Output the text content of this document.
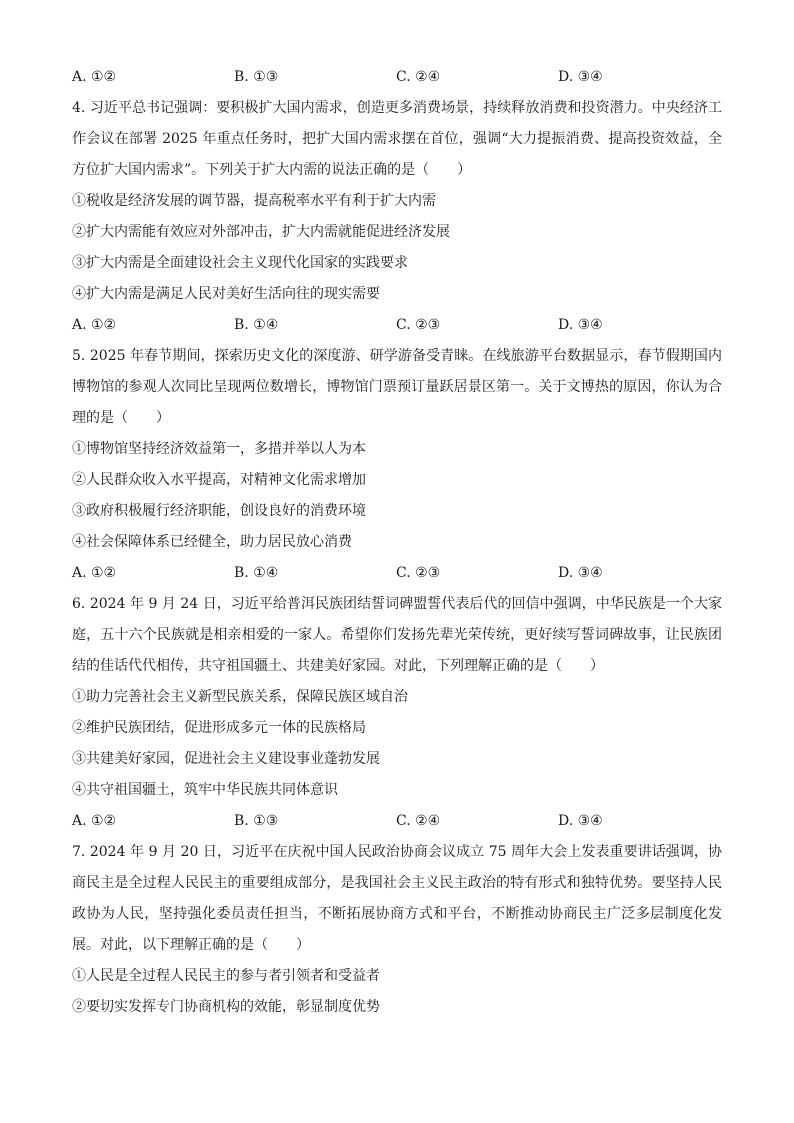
A. ①②	B. ①③	C. ②④	D. ③④
4. 习近平总书记强调：要积极扩大国内需求，创造更多消费场景，持续释放消费和投资潜力。中央经济工作会议在部署 2025 年重点任务时，把扩大国内需求摆在首位，强调“大力提振消费、提高投资效益，全方位扩大国内需求”。下列关于扩大内需的说法正确的是（　　）
①税收是经济发展的调节器，提高税率水平有利于扩大内需
②扩大内需能有效应对外部冲击，扩大内需就能促进经济发展
③扩大内需是全面建设社会主义现代化国家的实践要求
④扩大内需是满足人民对美好生活向往的现实需要
A. ①②	B. ①④	C. ②③	D. ③④
5. 2025 年春节期间，探索历史文化的深度游、研学游备受青睐。在线旅游平台数据显示，春节假期国内博物馆的参观人次同比呈现两位数增长，博物馆门票预订量跃居景区第一。关于文博热的原因，你认为合理的是（　　）
①博物馆坚持经济效益第一，多措并举以人为本
②人民群众收入水平提高，对精神文化需求增加
③政府积极履行经济职能，创设良好的消费环境
④社会保障体系已经健全，助力居民放心消费
A. ①②	B. ①④	C. ②③	D. ③④
6. 2024 年 9 月 24 日，习近平给普洱民族团结誓词碑盟誓代表后代的回信中强调，中华民族是一个大家庭，五十六个民族就是相亲相爱的一家人。希望你们发扬先辈光荣传统，更好续写誓词碑故事，让民族团结的佳话代代相传，共守祖国疆土、共建美好家园。对此，下列理解正确的是（　　）
①助力完善社会主义新型民族关系，保障民族区域自治
②维护民族团结，促进形成多元一体的民族格局
③共建美好家园，促进社会主义建设事业蓬勃发展
④共守祖国疆土，筑牢中华民族共同体意识
A. ①②	B. ①③	C. ②④	D. ③④
7. 2024 年 9 月 20 日，习近平在庆祝中国人民政治协商会议成立 75 周年大会上发表重要讲话强调，协商民主是全过程人民民主的重要组成部分，是我国社会主义民主政治的特有形式和独特优势。要坚持人民政协为人民，坚持强化委员责任担当，不断拓展协商方式和平台，不断推动协商民主广泛多层制度化发展。对此，以下理解正确的是（　　）
①人民是全过程人民民主的参与者引领者和受益者
②要切实发挥专门协商机构的效能，彰显制度优势
